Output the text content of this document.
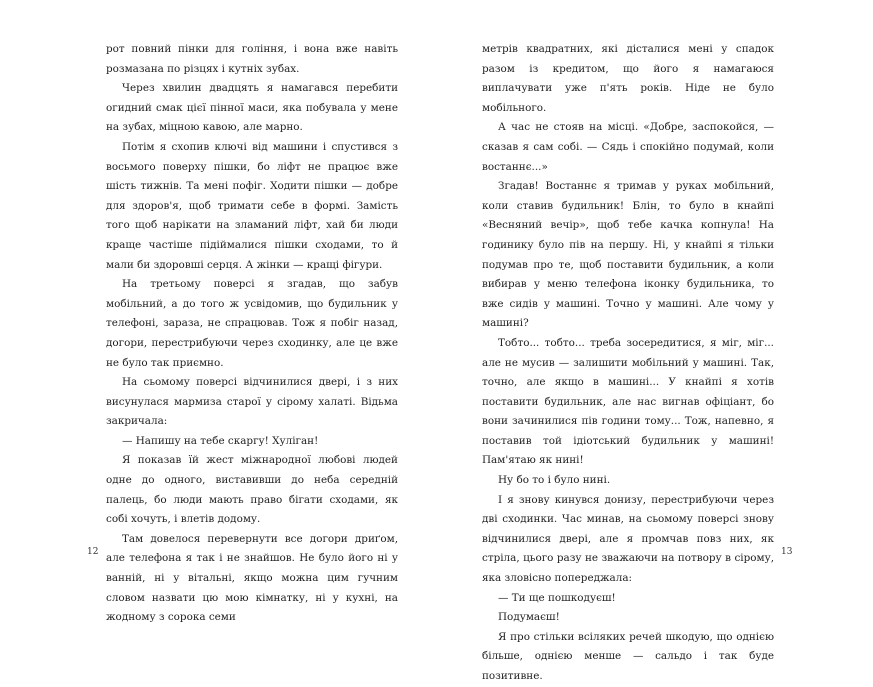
рот повний пінки для гоління, і вона вже навіть розмазана по різцях і кутніх зубах.

Через хвилин двадцять я намагався перебити огидний смак цієї пінної маси, яка побувала у мене на зубах, міцною кавою, але марно.

Потім я схопив ключі від машини і спустився з восьмого поверху пішки, бо ліфт не працює вже шість тижнів. Та мені пофіг. Ходити пішки — добре для здоров'я, щоб тримати себе в формі. Замість того щоб нарікати на зламаний ліфт, хай би люди краще частіше підіймалися пішки сходами, то й мали би здоровші серця. А жінки — кращі фігури.

На третьому поверсі я згадав, що забув мобільний, а до того ж усвідомив, що будильник у телефоні, зараза, не спрацював. Тож я побіг назад, догори, перестрибуючи через сходинку, але це вже не було так приємно.

На сьомому поверсі відчинилися двері, і з них висунулася мармиза старої у сірому халаті. Відьма закричала:

— Напишу на тебе скаргу! Хуліган!

Я показав їй жест міжнародної любові людей одне до одного, виставивши до неба середній палець, бо люди мають право бігати сходами, як собі хочуть, і влетів додому.

Там довелося перевернути все догори дриґом, але телефона я так і не знайшов. Не було його ні у ванній, ні у вітальні, якщо можна цим гучним словом назвати цю мою кімнатку, ні у кухні, на жодному з сорока семи

метрів квадратних, які дісталися мені у спадок разом із кредитом, що його я намагаюся виплачувати уже п'ять років. Ніде не було мобільного.

А час не стояв на місці. «Добре, заспокойся, — сказав я сам собі. — Сядь і спокійно подумай, коли востаннє...»

Згадав! Востаннє я тримав у руках мобільний, коли ставив будильник! Блін, то було в кнайпі «Весняний вечір», щоб тебе качка копнула! На годинику було пів на першу. Ні, у кнайпі я тільки подумав про те, щоб поставити будильник, а коли вибирав у меню телефона іконку будильника, то вже сидів у машині. Точно у машині. Але чому у машині?

Тобто... тобто... треба зосередитися, я міг, міг... але не мусив — залишити мобільний у машині. Так, точно, але якщо в машині... У кнайпі я хотів поставити будильник, але нас вигнав офіціант, бо вони зачинилися пів години тому... Тож, напевно, я поставив той ідіотський будильник у машині! Пам'ятаю як нині!

Ну бо то і було нині.

І я знову кинувся донизу, перестрибуючи через дві сходинки. Час минав, на сьомому поверсі знову відчинилися двері, але я промчав повз них, як стріла, цього разу не зважаючи на потвору в сірому, яка зловісно попереджала:

— Ти ще пошкодуєш!

Подумаєш!

Я про стільки всіляких речей шкодую, що однією більше, однією менше — сальдо і так буде позитивне.

12	13
